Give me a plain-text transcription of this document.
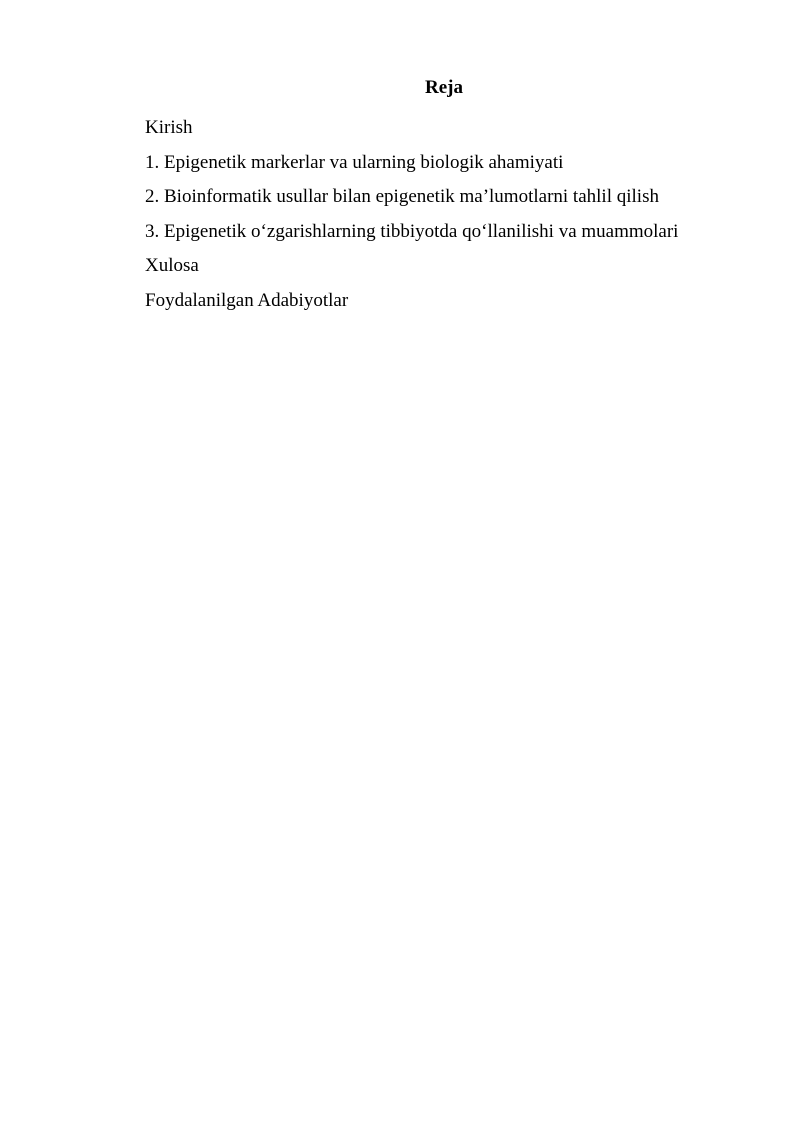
Reja
Kirish
1. Epigenetik markerlar va ularning biologik ahamiyati
2. Bioinformatik usullar bilan epigenetik ma’lumotlarni tahlil qilish
3. Epigenetik o‘zgarishlarning tibbiyotda qo‘llanilishi va muammolari
Xulosa
Foydalanilgan Adabiyotlar
